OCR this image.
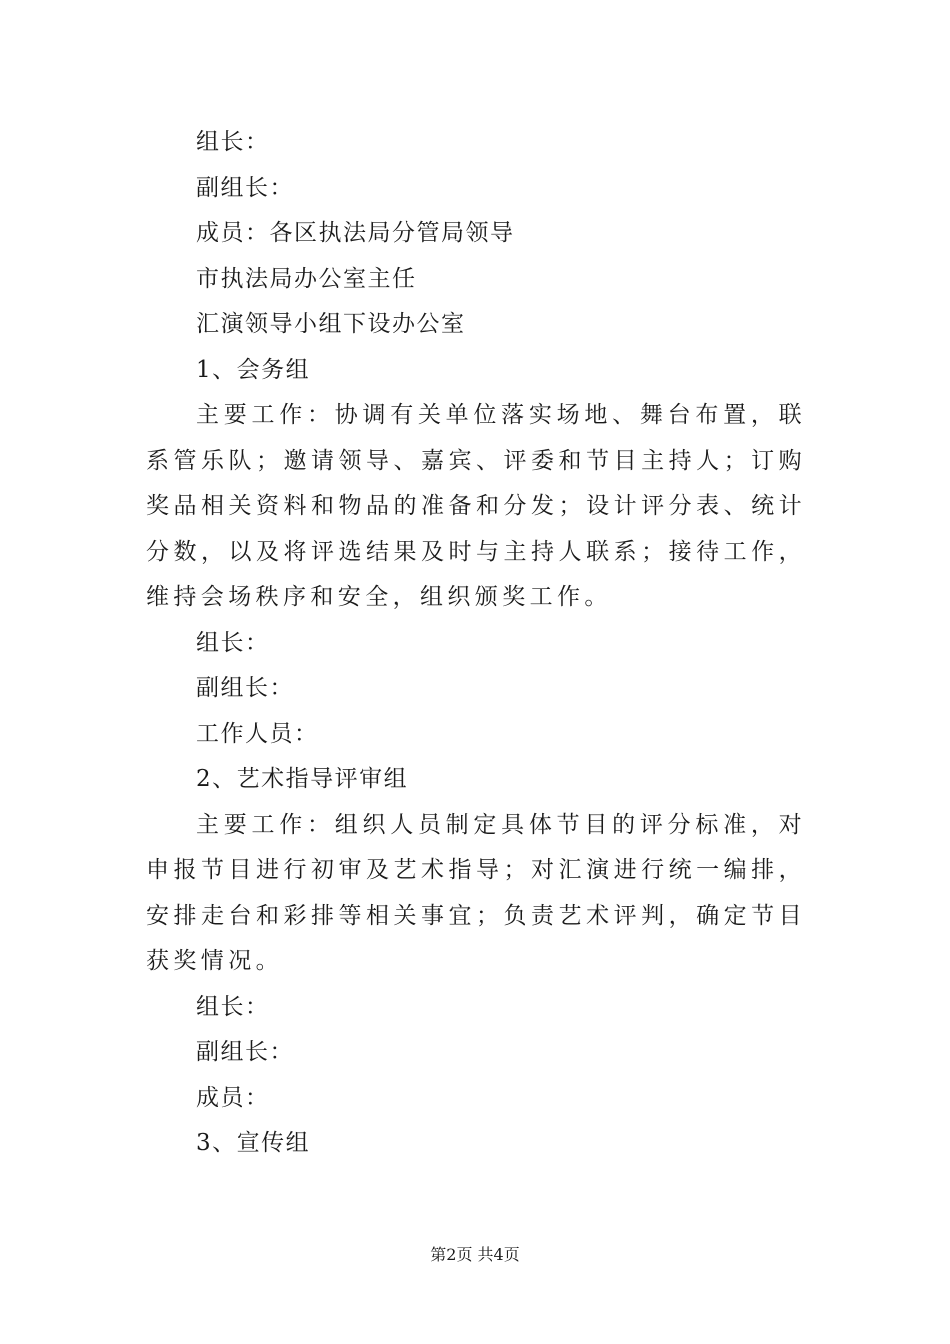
组长：
副组长：
成员：各区执法局分管局领导
市执法局办公室主任
汇演领导小组下设办公室
1、会务组
主要工作：协调有关单位落实场地、舞台布置，联系管乐队；邀请领导、嘉宾、评委和节目主持人；订购奖品相关资料和物品的准备和分发；设计评分表、统计分数，以及将评选结果及时与主持人联系；接待工作，维持会场秩序和安全，组织颁奖工作。
组长：
副组长：
工作人员：
2、艺术指导评审组
主要工作：组织人员制定具体节目的评分标准，对申报节目进行初审及艺术指导；对汇演进行统一编排，安排走台和彩排等相关事宜；负责艺术评判，确定节目获奖情况。
组长：
副组长：
成员：
3、宣传组
第2页 共4页
